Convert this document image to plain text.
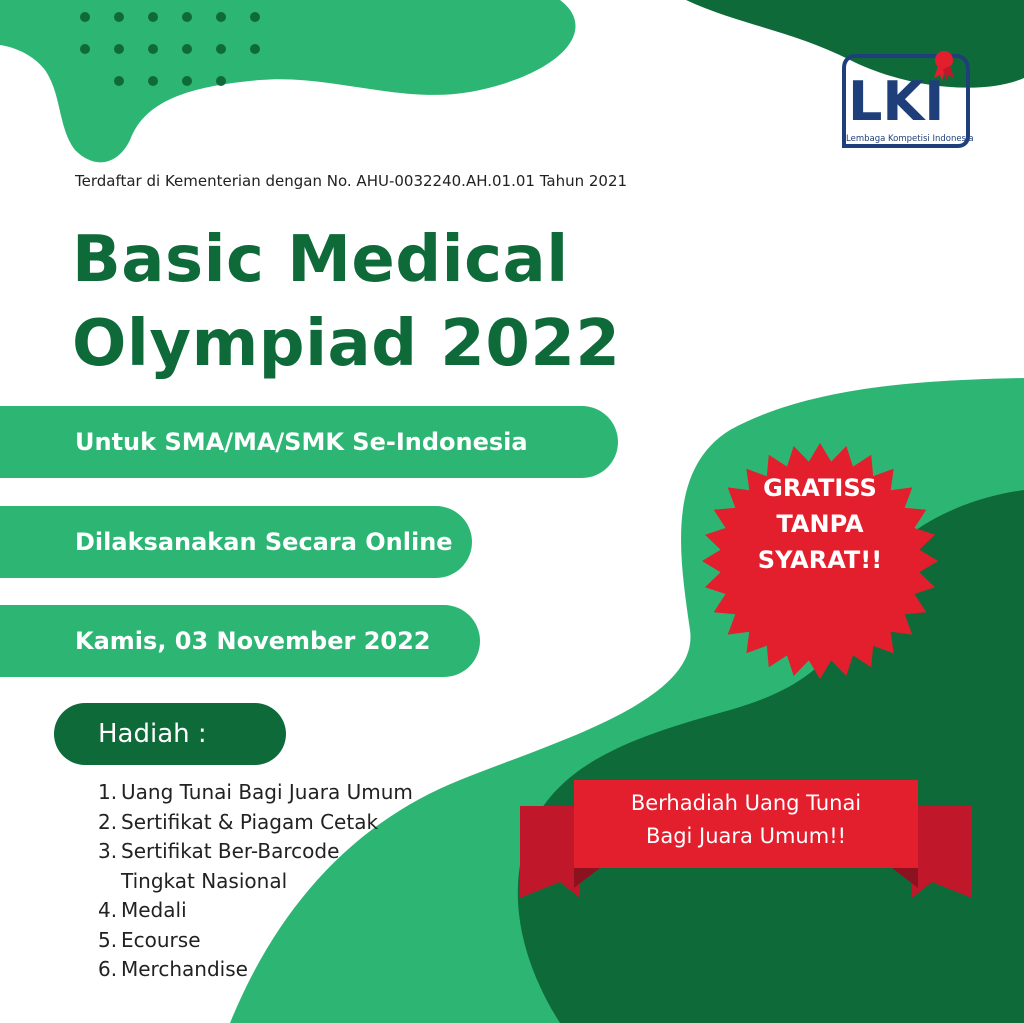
LKI
Lembaga Kompetisi Indonesia
Terdaftar di Kementerian dengan No. AHU-0032240.AH.01.01 Tahun 2021
Basic Medical
Olympiad 2022
Untuk SMA/MA/SMK Se-Indonesia
Dilaksanakan Secara Online
Kamis, 03 November 2022
Hadiah :
1. Uang Tunai Bagi Juara Umum
2. Sertifikat & Piagam Cetak
3. Sertifikat Ber-Barcode
Tingkat Nasional
4. Medali
5. Ecourse
6. Merchandise
GRATISS
TANPA
SYARAT!!
Berhadiah Uang Tunai
Bagi Juara Umum!!
